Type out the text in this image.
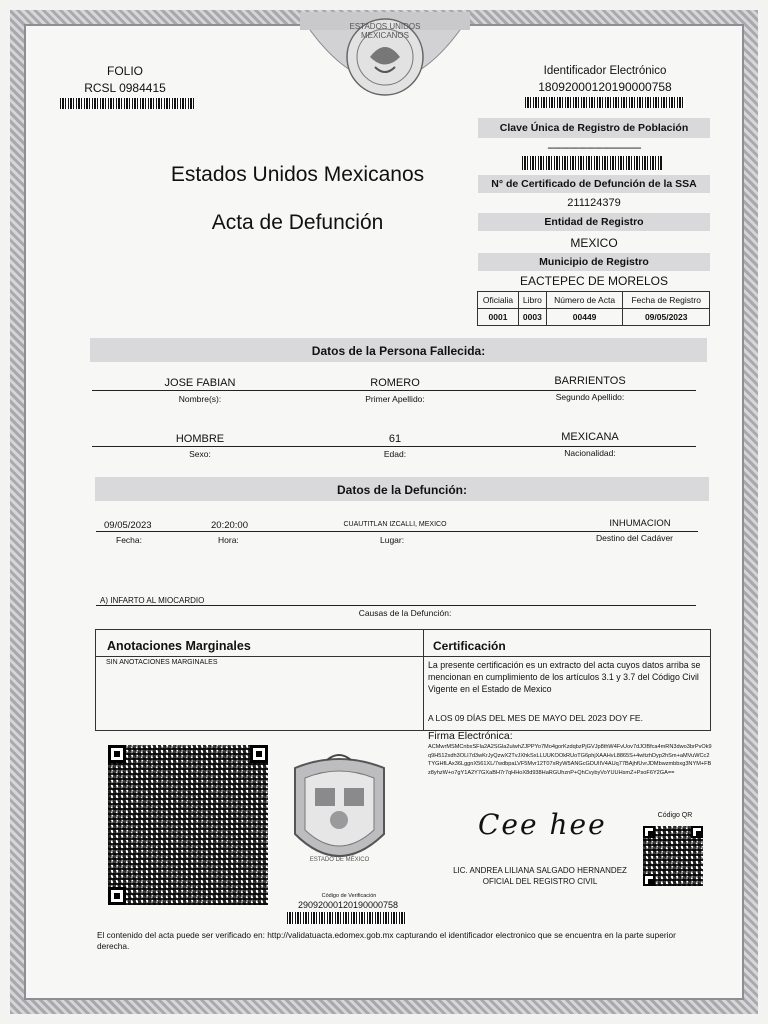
ESTADOS UNIDOS MEXICANOS
FOLIO
RCSL 0984415
Identificador Electrónico
18092000120190000758
Clave Única de Registro de Población
-----------------------------------
N° de Certificado de Defunción de la SSA
211124379
Entidad de Registro
MEXICO
Municipio de Registro
EACTEPEC DE MORELOS
Oficialia	Libro	Número de Acta	Fecha de Registro
0001	0003	00449	09/05/2023
Estados Unidos Mexicanos
Acta de Defunción
Datos de la Persona Fallecida:
JOSE FABIAN	ROMERO	BARRIENTOS
Nombre(s):	Primer Apellido:	Segundo Apellido:
HOMBRE	61	MEXICANA
Sexo:	Edad:	Nacionalidad:
Datos de la Defunción:
09/05/2023	20:20:00	CUAUTITLAN IZCALLI, MEXICO	INHUMACION
Fecha:	Hora:	Lugar:	Destino del Cadáver
A) INFARTO AL MIOCARDIO
Causas de la Defunción:
Anotaciones Marginales
SIN ANOTACIONES MARGINALES
Certificación
La presente certificación es un extracto del acta cuyos datos arriba se mencionan en cumplimiento de los artículos 3.1 y 3.7 del Código Civil Vigente en el Estado de Mexico
A LOS 09 DÍAS DEL MES DE MAYO DEL 2023 DOY FE.
Firma Electrónica:
ACMwrMSMCnbxSFla2A2SGla2ulwhZJPPYo7Mo4gorKzdqbzPjGVJp8thW4FvUov7dJOBfca4mRN3dwo3brPvOk9q9H512xdh3OLI7d3wKrJyQzwX2TvJXhkSxLLUUKOOkRUoTG6phjXAAHvL8865S+4wltzhDyp2hSm+aMVuWCc2TYGHfLAx36LggnX561XL/7wdbpaLVF5Mvr12T07xRyW5ANGcGDUIIV4AUq77BAjhfUvrJDMbwzmbbxg3NYM+FBz8yhzW+o7gY1A2Y7GXaBH7r7qHHoX8d938HaRGUhznP+QhCvybyVoYUUHsmZ+PsoF6Y2GA==
Cee hee
LIC. ANDREA LILIANA SALGADO HERNANDEZ
OFICIAL DEL REGISTRO CIVIL
ESTADO DE MÉXICO
Código de Verificación
29092000120190000758
Código QR
El contenido del acta puede ser verificado en: http://validatuacta.edomex.gob.mx capturando el identificador electronico que se encuentra en la parte superior derecha.
